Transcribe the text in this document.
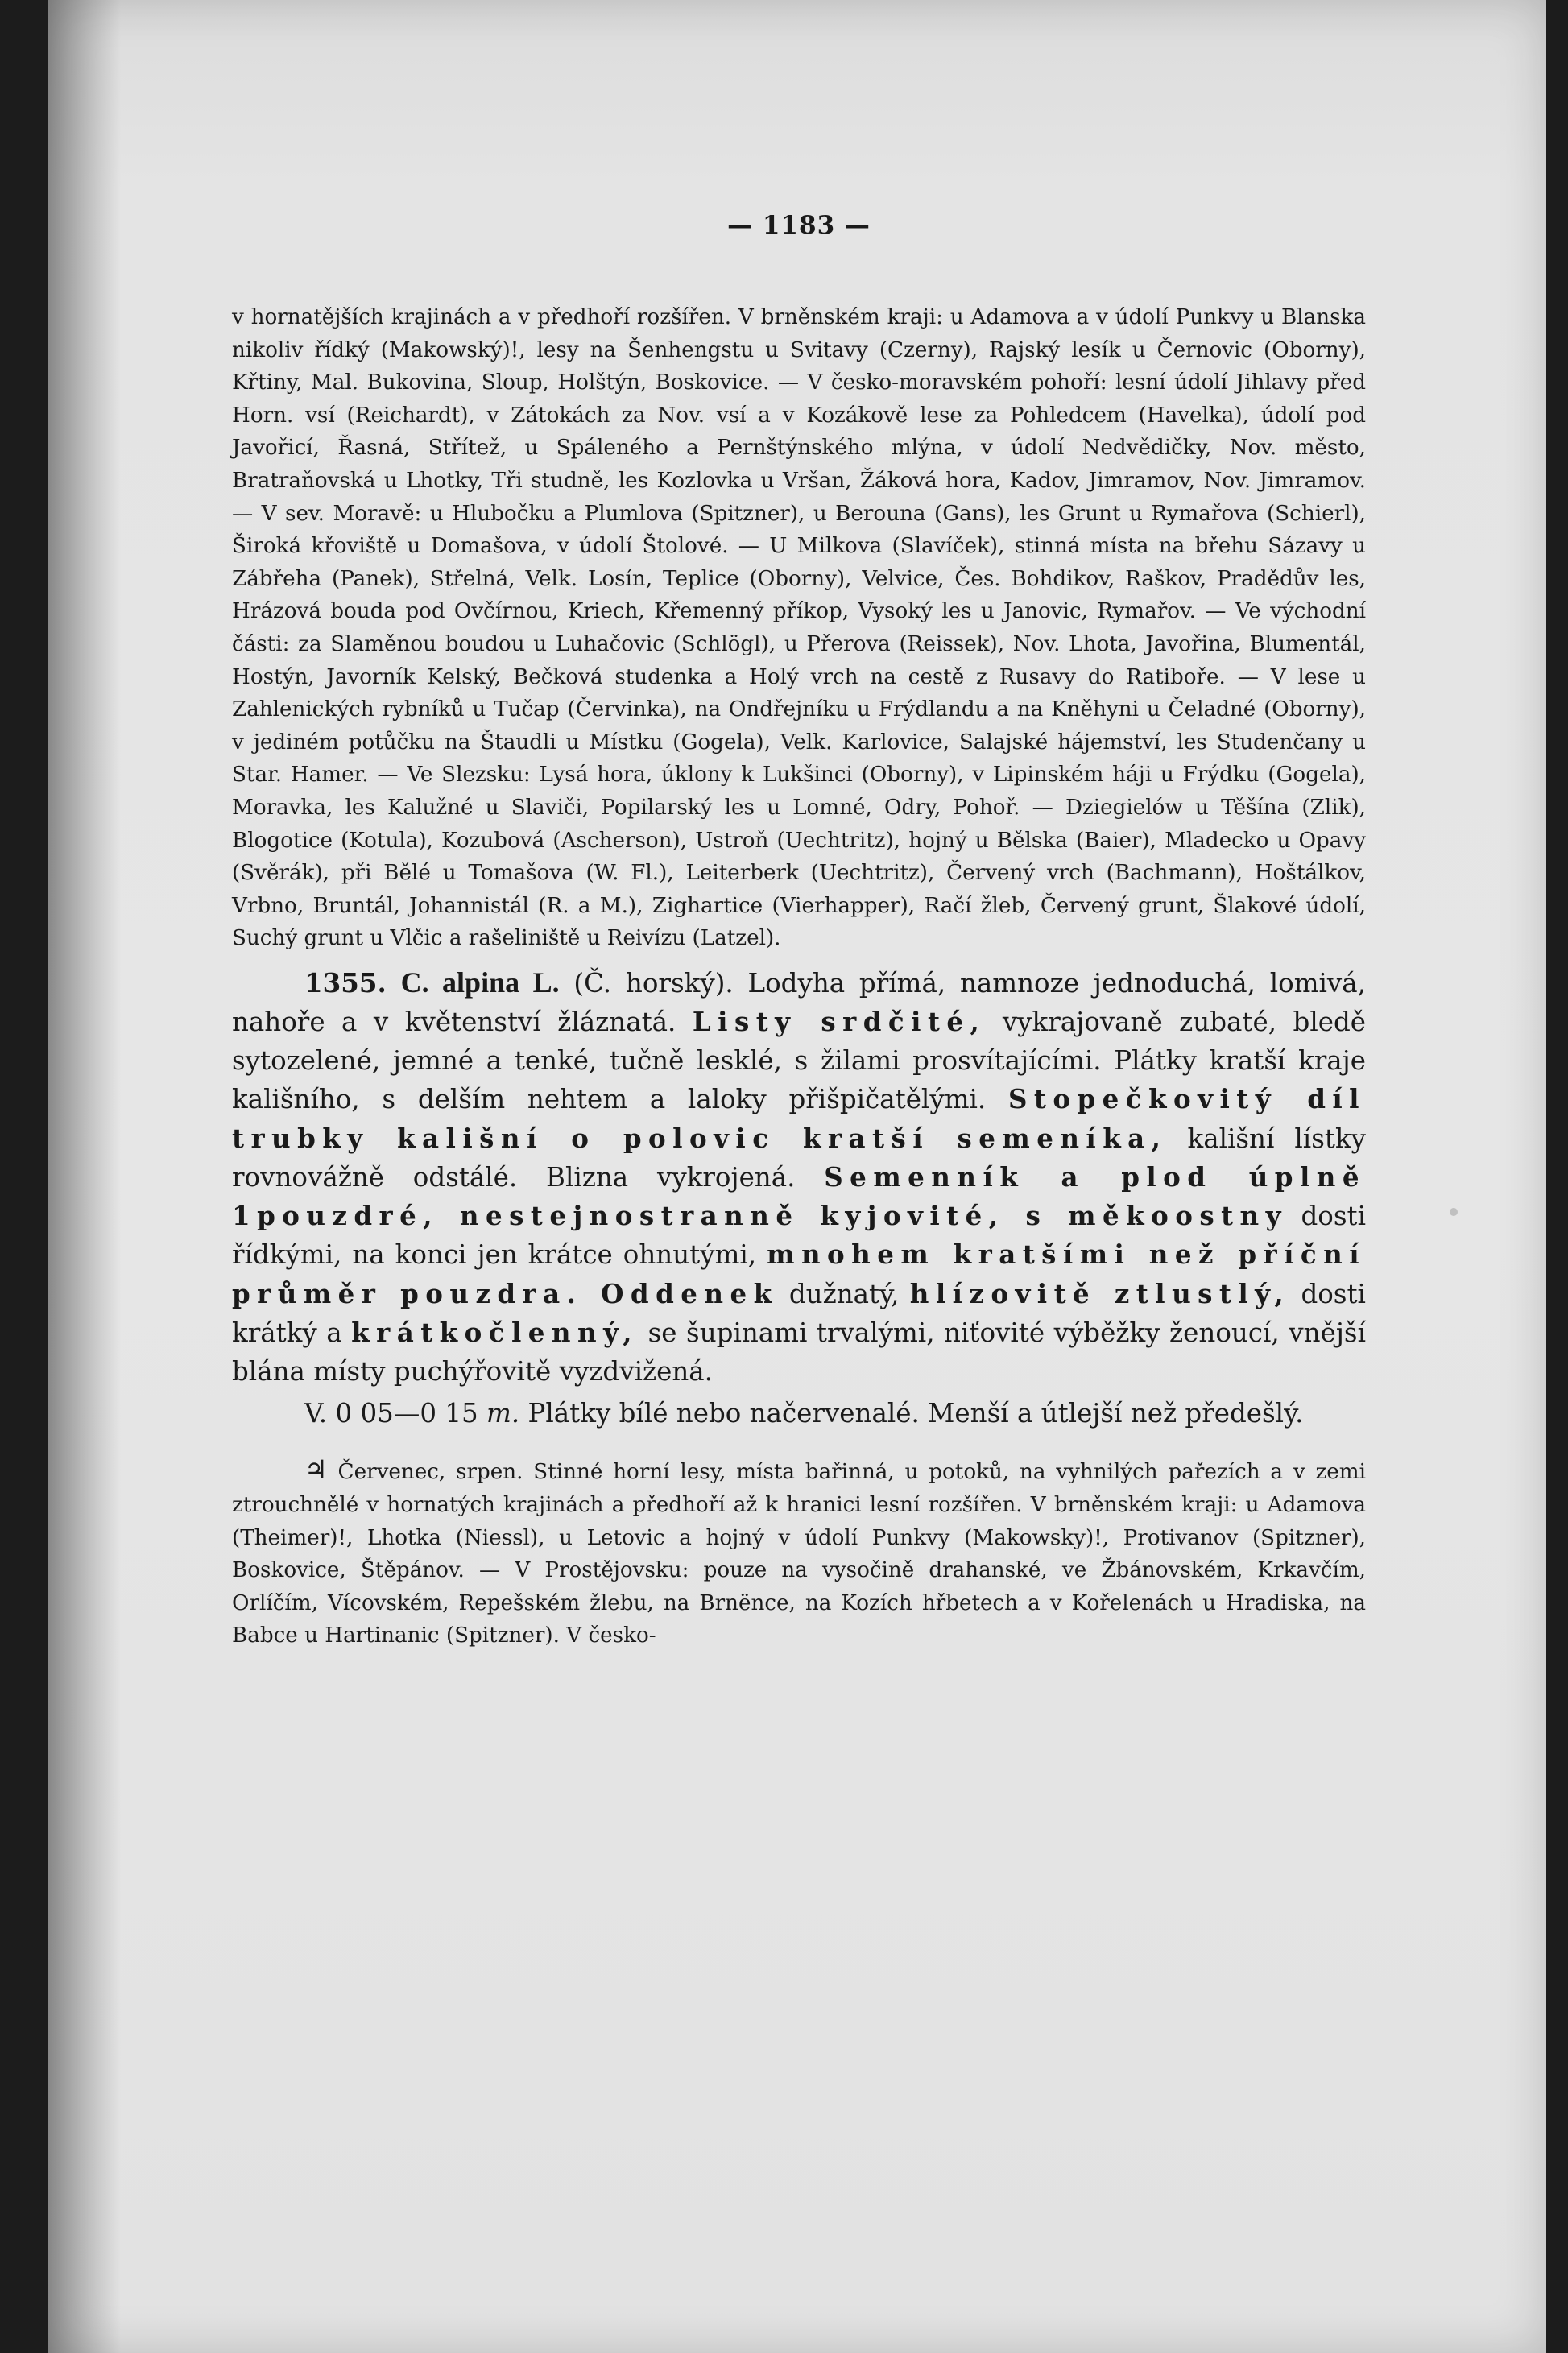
— 1183 —

v hornatějších krajinách a v předhoří rozšířen. V brněnském kraji: u Adamova a v údolí Punkvy u Blanska nikoliv řídký (Makowský)!, lesy na Šenhengstu u Svitavy (Czerny), Rajský lesík u Černovic (Oborny), Křtiny, Mal. Bukovina, Sloup, Holštýn, Boskovice. — V česko-moravském pohoří: lesní údolí Jihlavy před Horn. vsí (Reichardt), v Zátokách za Nov. vsí a v Kozákově lese za Pohledcem (Havelka), údolí pod Javořicí, Řasná, Střítež, u Spáleného a Pernštýnského mlýna, v údolí Nedvědičky, Nov. město, Bratraňovská u Lhotky, Tři studně, les Kozlovka u Vršan, Žáková hora, Kadov, Jimramov, Nov. Jimramov. — V sev. Moravě: u Hlubočku a Plumlova (Spitzner), u Berouna (Gans), les Grunt u Rymařova (Schierl), Široká křoviště u Domašova, v údolí Štolové. — U Milkova (Slavíček), stinná místa na břehu Sázavy u Zábřeha (Panek), Střelná, Velk. Losín, Teplice (Oborny), Velvice, Čes. Bohdikov, Raškov, Pradědův les, Hrázová bouda pod Ovčírnou, Kriech, Křemenný příkop, Vysoký les u Janovic, Rymařov. — Ve východní části: za Slaměnou boudou u Luhačovic (Schlögl), u Přerova (Reissek), Nov. Lhota, Javořina, Blumentál, Hostýn, Javorník Kelský, Bečková studenka a Holý vrch na cestě z Rusavy do Ratiboře. — V lese u Zahlenických rybníků u Tučap (Červinka), na Ondřejníku u Frýdlandu a na Kněhyni u Čeladné (Oborny), v jediném potůčku na Štaudli u Místku (Gogela), Velk. Karlovice, Salajské hájemství, les Studenčany u Star. Hamer. — Ve Slezsku: Lysá hora, úklony k Lukšinci (Oborny), v Lipinském háji u Frýdku (Gogela), Moravka, les Kalužné u Slaviči, Popilarský les u Lomné, Odry, Pohoř. — Dziegielów u Těšína (Zlik), Blogotice (Kotula), Kozubová (Ascherson), Ustroň (Uechtritz), hojný u Bělska (Baier), Mladecko u Opavy (Svěrák), při Bělé u Tomašova (W. Fl.), Leiterberk (Uechtritz), Červený vrch (Bachmann), Hoštálkov, Vrbno, Bruntál, Johannistál (R. a M.), Zighartice (Vierhapper), Račí žleb, Červený grunt, Šlakové údolí, Suchý grunt u Vlčic a rašeliniště u Reivízu (Latzel).

1355. C. alpina L. (Č. horský). Lodyha přímá, namnoze jednoduchá, lomivá, nahoře a v květenství žláznatá. Listy srdčité, vykrajovaně zubaté, bledě sytozelené, jemné a tenké, tučně lesklé, s žilami prosvítajícími. Plátky kratší kraje kališního, s delším nehtem a laloky přišpičatělými. Stopečkovitý díl trubky kališní o polovic kratší semeníka, kališní lístky rovnovážně odstálé. Blizna vykrojená. Semenník a plod úplně 1pouzdré, nestejnostranně kyjovité, s měkoostny dosti řídkými, na konci jen krátce ohnutými, mnohem kratšími než příční průměr pouzdra. Oddenek dužnatý, hlízovitě ztlustlý, dosti krátký a krátkočlenný, se šupinami trvalými, niťovité výběžky ženoucí, vnější blána místy puchýřovitě vyzdvižená.

V. 0 05—0 15 m. Plátky bílé nebo načervenalé. Menší a útlejší než předešlý.

♃ Červenec, srpen. Stinné horní lesy, místa bařinná, u potoků, na vyhnilých pařezích a v zemi ztrouchnělé v hornatých krajinách a předhoří až k hranici lesní rozšířen. V brněnském kraji: u Adamova (Theimer)!, Lhotka (Niessl), u Letovic a hojný v údolí Punkvy (Makowsky)!, Protivanov (Spitzner), Boskovice, Štěpánov. — V Prostějovsku: pouze na vysočině drahanské, ve Žbánovském, Krkavčím, Orlíčím, Vícovském, Repešském žlebu, na Brnënce, na Kozích hřbetech a v Kořelenách u Hradiska, na Babce u Hartinanic (Spitzner). V česko-
